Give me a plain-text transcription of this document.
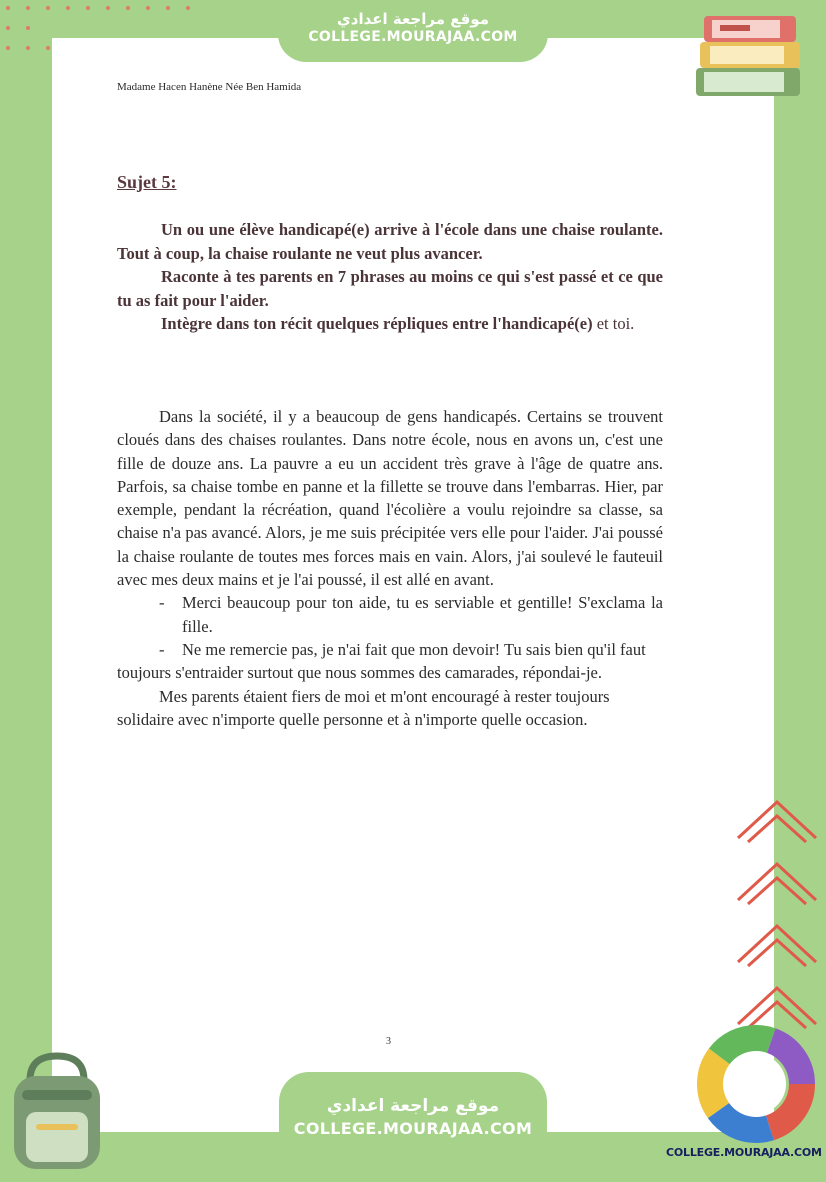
موقع مراجعة اعدادي
COLLEGE.MOURAJAA.COM
Madame Hacen Hanène Née Ben Hamida
Sujet 5:

Un ou une élève handicapé(e) arrive à l'école dans une chaise roulante. Tout à coup, la chaise roulante ne veut plus avancer.

Raconte à tes parents en 7 phrases au moins ce qui s'est passé et ce que tu as fait pour l'aider.

Intègre dans ton récit quelques répliques entre l'handicapé(e) et toi.

Dans la société, il y a beaucoup de gens handicapés. Certains se trouvent cloués dans des chaises roulantes. Dans notre école, nous en avons un, c'est une fille de douze ans. La pauvre a eu un accident très grave à l'âge de quatre ans. Parfois, sa chaise tombe en panne et la fillette se trouve dans l'embarras. Hier, par exemple, pendant la récréation, quand l'écolière a voulu rejoindre sa classe, sa chaise n'a pas avancé. Alors, je me suis précipitée vers elle pour l'aider. J'ai poussé la chaise roulante de toutes mes forces mais en vain. Alors, j'ai soulevé le fauteuil avec mes deux mains et je l'ai poussé, il est allé en avant.

- Merci beaucoup pour ton aide, tu es serviable et gentille! S'exclama la fille.

- Ne me remercie pas, je n'ai fait que mon devoir! Tu sais bien qu'il faut

toujours s'entraider surtout que nous sommes des camarades, répondai-je.

Mes parents étaient fiers de moi et m'ont encouragé à rester toujours

solidaire avec n'importe quelle personne et à n'importe quelle occasion.

3
موقع مراجعة اعدادي
COLLEGE.MOURAJAA.COM
COLLEGE.MOURAJAA.COM
